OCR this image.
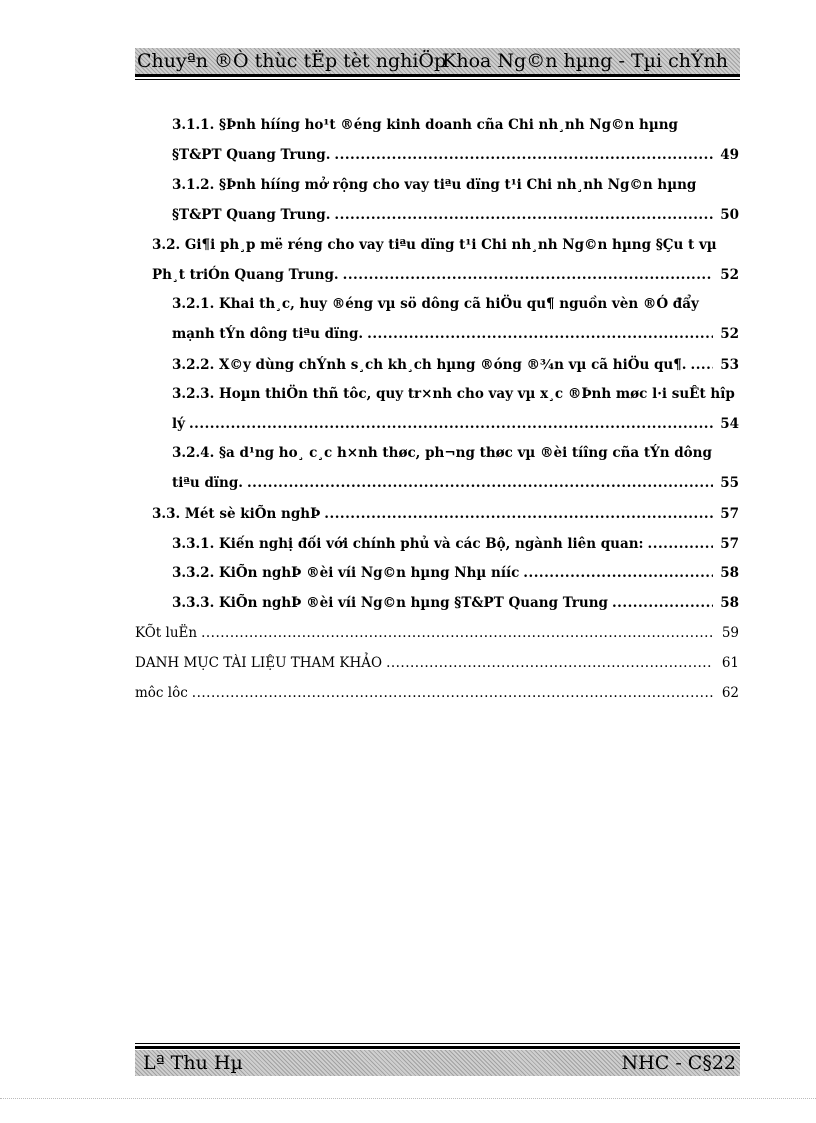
Chuyªn ®Ò thùc tËp tèt nghiÖp
Khoa Ng©n hµng - Tµi chÝnh
3.1.1. §Þnh hííng ho¹t ®éng kinh doanh cña Chi nh¸nh Ng©n hµng
§T&PT Quang Trung. .....	49
3.1.2. §Þnh hííng mở rộng cho vay tiªu dïng t¹i Chi nh¸nh Ng©n hµng
§T&PT Quang Trung. .....	50
3.2. Gi¶i ph¸p më réng cho vay tiªu dïng t¹i Chi nh¸nh Ng©n hµng §Çu t vµ
Ph¸t triÓn Quang Trung. .....	52
3.2.1. Khai th¸c, huy ®éng vµ sö dông cã hiÖu qu¶ nguồn vèn ®Ó đẩy
mạnh tÝn dông tiªu dïng. .....	52
3.2.2. X©y dùng chÝnh s¸ch kh¸ch hµng ®óng ®¾n vµ cã hiÖu qu¶. ..... 53
3.2.3. Hoµn thiÖn thñ tôc, quy tr×nh cho vay vµ x¸c ®Þnh møc l·i suÊt hîp
lý .....	54
3.2.4. §a d¹ng ho¸ c¸c h×nh thøc, ph¬ng thøc vµ ®èi tíîng cña tÝn dông
tiªu dïng. .....	55
3.3. Mét sè kiÕn nghÞ .....	57
3.3.1. Kiến nghị đối với chính phủ và các Bộ, ngành liên quan: .....	57
3.3.2. KiÕn nghÞ ®èi víi Ng©n hµng Nhµ nííc .....	58
3.3.3. KiÕn nghÞ ®èi víi Ng©n hµng §T&PT Quang Trung .....	58
KÕt luËn .....	59
DANH MỤC TÀI LIỆU THAM KHẢO .....	61
môc lôc .....	62
Lª Thu Hµ	NHC - C§22
